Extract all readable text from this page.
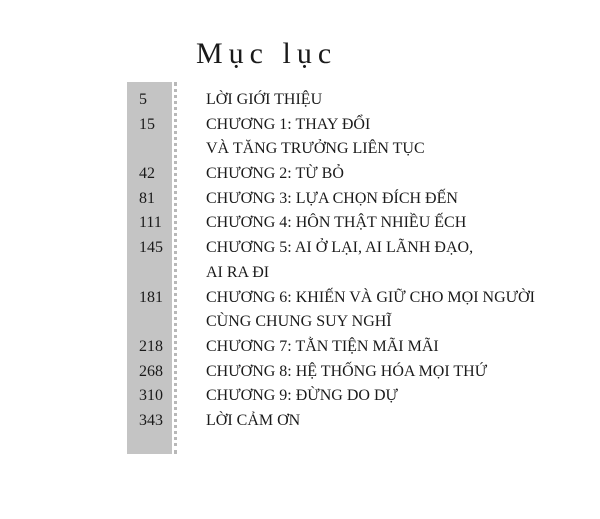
Mục lục
5	LỜI GIỚI THIỆU
15	CHƯƠNG 1: THAY ĐỔI
VÀ TĂNG TRƯỞNG LIÊN TỤC
42	CHƯƠNG 2: TỪ BỎ
81	CHƯƠNG 3: LỰA CHỌN ĐÍCH ĐẾN
111	CHƯƠNG 4: HÔN THẬT NHIỀU ẾCH
145	CHƯƠNG 5: AI Ở LẠI, AI LÃNH ĐẠO,
AI RA ĐI
181	CHƯƠNG 6: KHIẾN VÀ GIỮ CHO MỌI NGƯỜI
CÙNG CHUNG SUY NGHĨ
218	CHƯƠNG 7: TẰN TIỆN MÃI MÃI
268	CHƯƠNG 8: HỆ THỐNG HÓA MỌI THỨ
310	CHƯƠNG 9: ĐỪNG DO DỰ
343	LỜI CẢM ƠN
